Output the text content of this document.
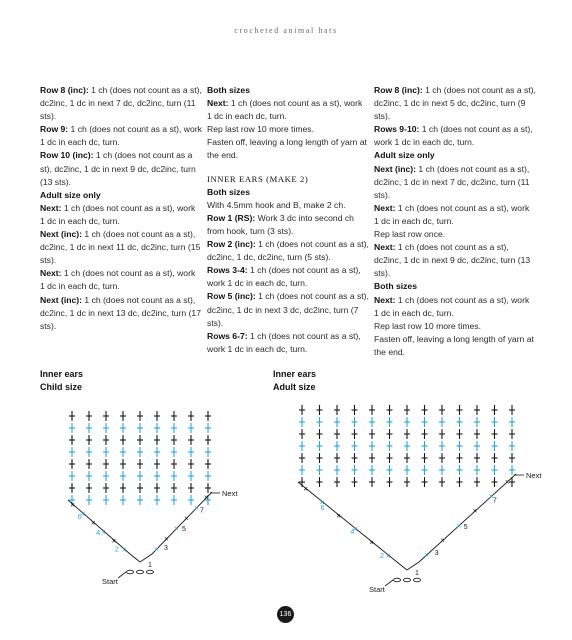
crocheted animal hats

Row 8 (inc): 1 ch (does not count as a st), dc2inc, 1 dc in next 7 dc, dc2inc, turn (11 sts).

Row 9: 1 ch (does not count as a st), work 1 dc in each dc, turn.

Row 10 (inc): 1 ch (does not count as a st), dc2inc, 1 dc in next 9 dc, dc2inc, turn (13 sts).

Adult size only

Next: 1 ch (does not count as a st), work 1 dc in each dc, turn.

Next (inc): 1 ch (does not count as a st), dc2inc, 1 dc in next 11 dc, dc2inc, turn (15 sts).

Next: 1 ch (does not count as a st), work 1 dc in each dc, turn.

Next (inc): 1 ch (does not count as a st), dc2inc, 1 dc in next 13 dc, dc2inc, turn (17 sts).

Both sizes

Next: 1 ch (does not count as a st), work 1 dc in each dc, turn.

Rep last row 10 more times.

Fasten off, leaving a long length of yarn at the end.

INNER EARS (MAKE 2)

Both sizes

With 4.5mm hook and B, make 2 ch.

Row 1 (RS): Work 3 dc into second ch from hook, turn (3 sts).

Row 2 (inc): 1 ch (does not count as a st), dc2inc, 1 dc, dc2inc, turn (5 sts).

Rows 3-4: 1 ch (does not count as a st), work 1 dc in each dc, turn.

Row 5 (inc): 1 ch (does not count as a st), dc2inc, 1 dc in next 3 dc, dc2inc, turn (7 sts).

Rows 6-7: 1 ch (does not count as a st), work 1 dc in each dc, turn.

Row 8 (inc): 1 ch (does not count as a st), dc2inc, 1 dc in next 5 dc, dc2inc, turn (9 sts).

Rows 9-10: 1 ch (does not count as a st), work 1 dc in each dc, turn.

Adult size only

Next (inc): 1 ch (does not count as a st), dc2inc, 1 dc in next 7 dc, dc2inc, turn (11 sts).

Next: 1 ch (does not count as a st), work 1 dc in each dc, turn.

Rep last row once.

Next: 1 ch (does not count as a st), dc2inc, 1 dc in next 9 dc, dc2inc, turn (13 sts).

Both sizes

Next: 1 ch (does not count as a st), work 1 dc in each dc, turn.

Rep last row 10 more times.

Fasten off, leaving a long length of yarn at the end.

Inner ears
Child size
Inner ears
Adult size
×
×
×
×
×
×
×	×
×	×
×	×
2
4
6
3
5
7
1
Start
Next	×
×
×
×
×
×
×	×
×	×
×	×
2
4
6
3
5
7
1
Start
Next
136
